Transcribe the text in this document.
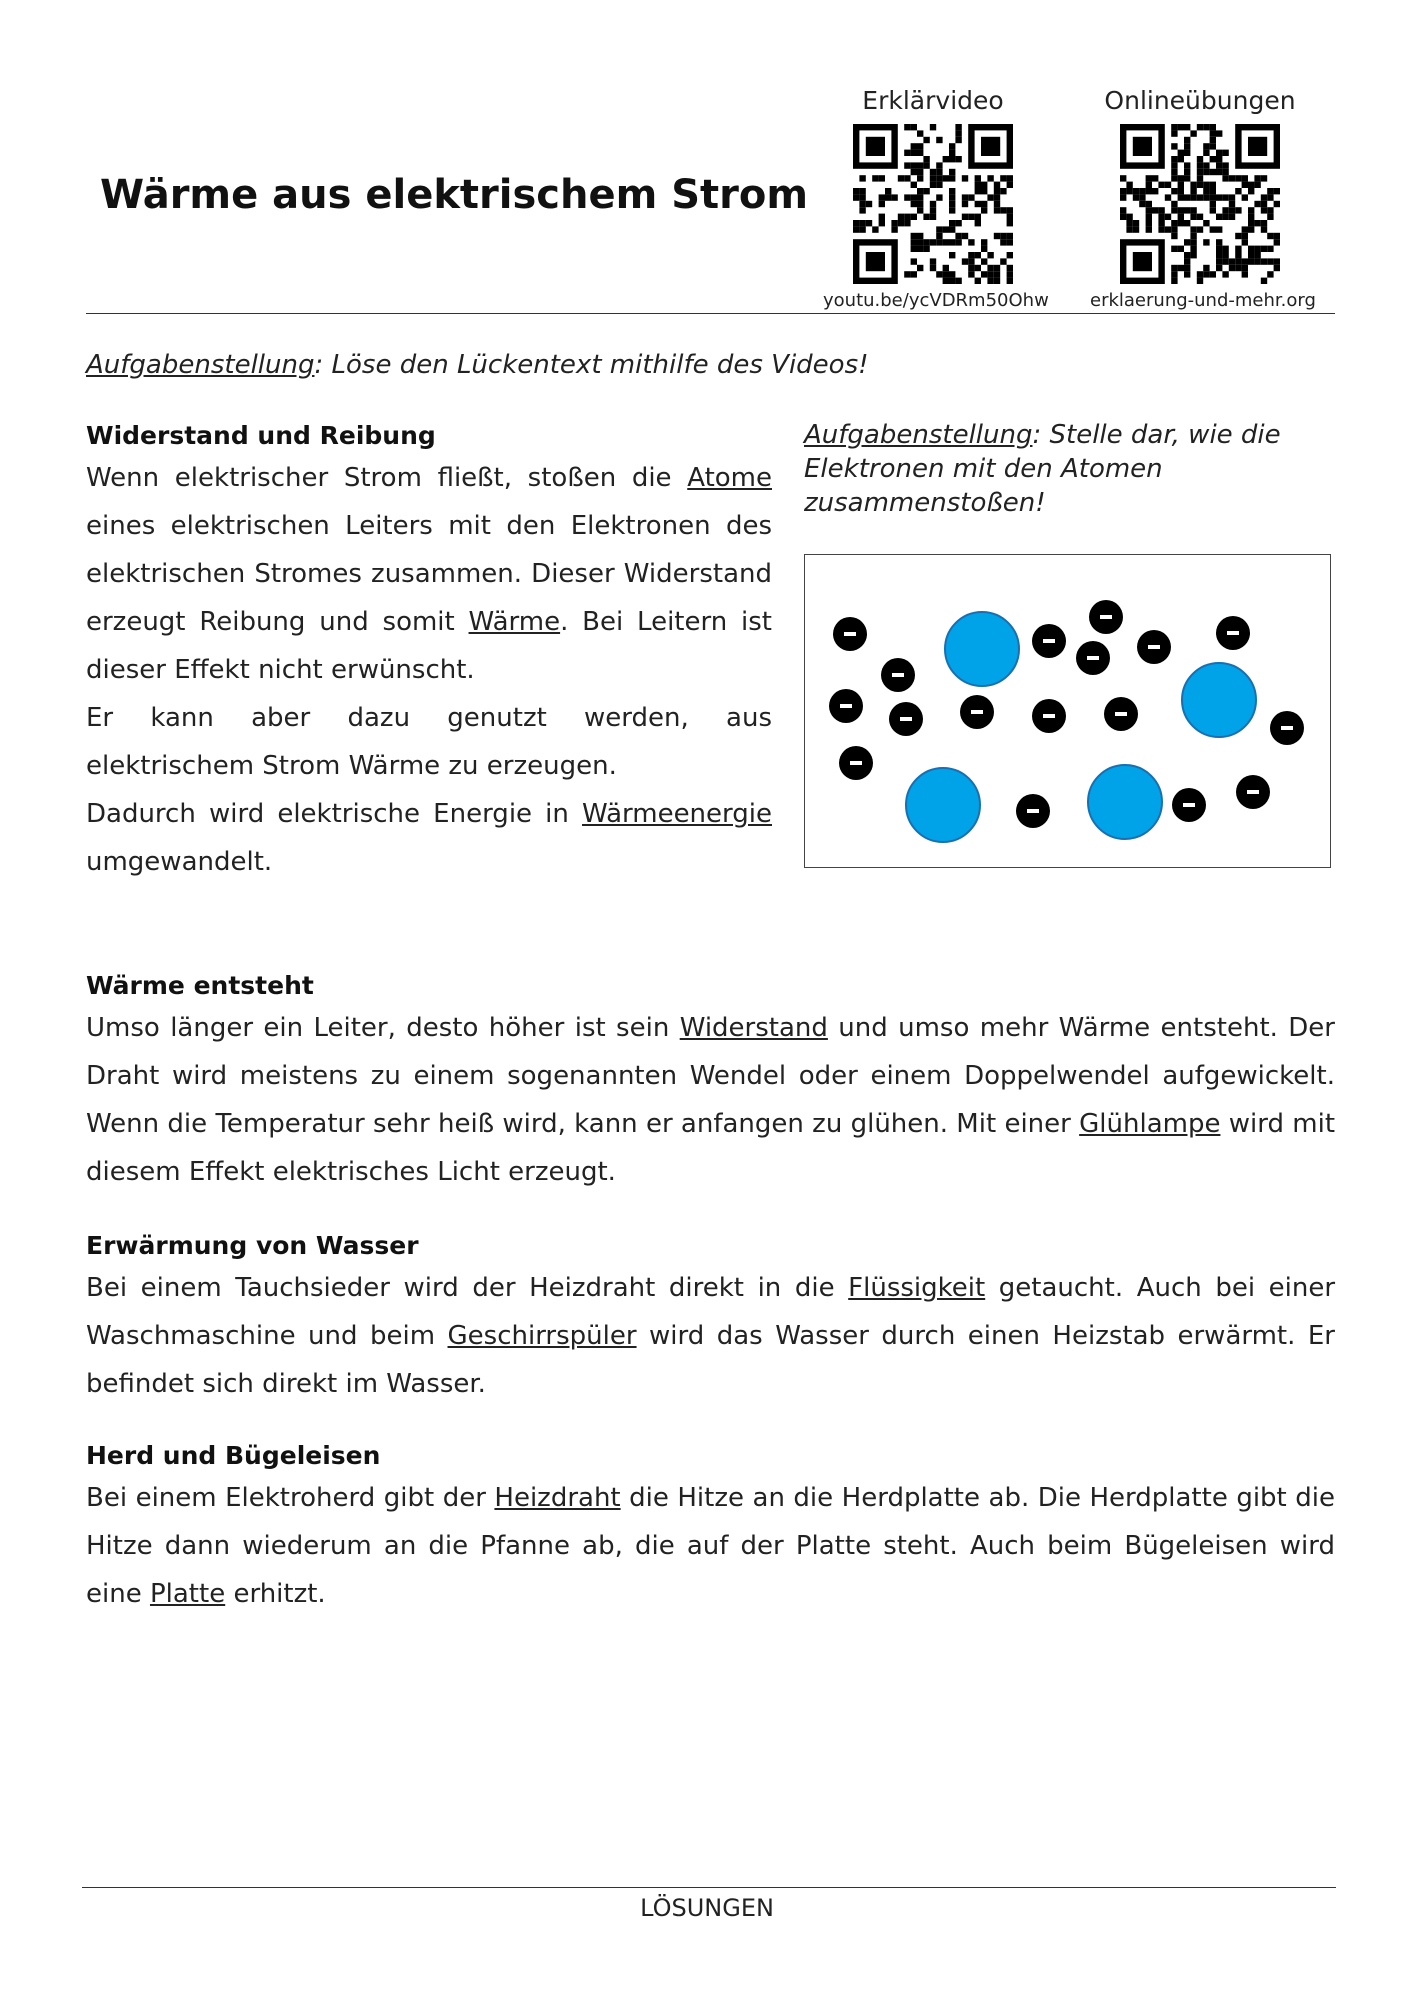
Wärme aus elektrischem Strom
Erklärvideo
youtu.be/ycVDRm50Ohw
Onlineübungen
erklaerung-und-mehr.org
Aufgabenstellung: Löse den Lückentext mithilfe des Videos!

Widerstand und Reibung

Wenn elektrischer Strom fließt, stoßen die Atome eines elektrischen Leiters mit den Elektronen des elektrischen Stromes zusammen. Dieser Widerstand erzeugt Reibung und somit Wärme. Bei Leitern ist dieser Effekt nicht erwünscht.

Er kann aber dazu genutzt werden, aus elektrischem Strom Wärme zu erzeugen.

Dadurch wird elektrische Energie in Wärmeenergie umgewandelt.

Aufgabenstellung: Stelle dar, wie die Elektronen mit den Atomen zusammenstoßen!

Wärme entsteht

Umso länger ein Leiter, desto höher ist sein Widerstand und umso mehr Wärme entsteht. Der Draht wird meistens zu einem sogenannten Wendel oder einem Doppelwendel aufgewickelt. Wenn die Temperatur sehr heiß wird, kann er anfangen zu glühen. Mit einer Glühlampe wird mit diesem Effekt elektrisches Licht erzeugt.

Erwärmung von Wasser

Bei einem Tauchsieder wird der Heizdraht direkt in die Flüssigkeit getaucht. Auch bei einer Waschmaschine und beim Geschirrspüler wird das Wasser durch einen Heizstab erwärmt. Er befindet sich direkt im Wasser.

Herd und Bügeleisen

Bei einem Elektroherd gibt der Heizdraht die Hitze an die Herdplatte ab. Die Herdplatte gibt die Hitze dann wiederum an die Pfanne ab, die auf der Platte steht. Auch beim Bügeleisen wird eine Platte erhitzt.

LÖSUNGEN
